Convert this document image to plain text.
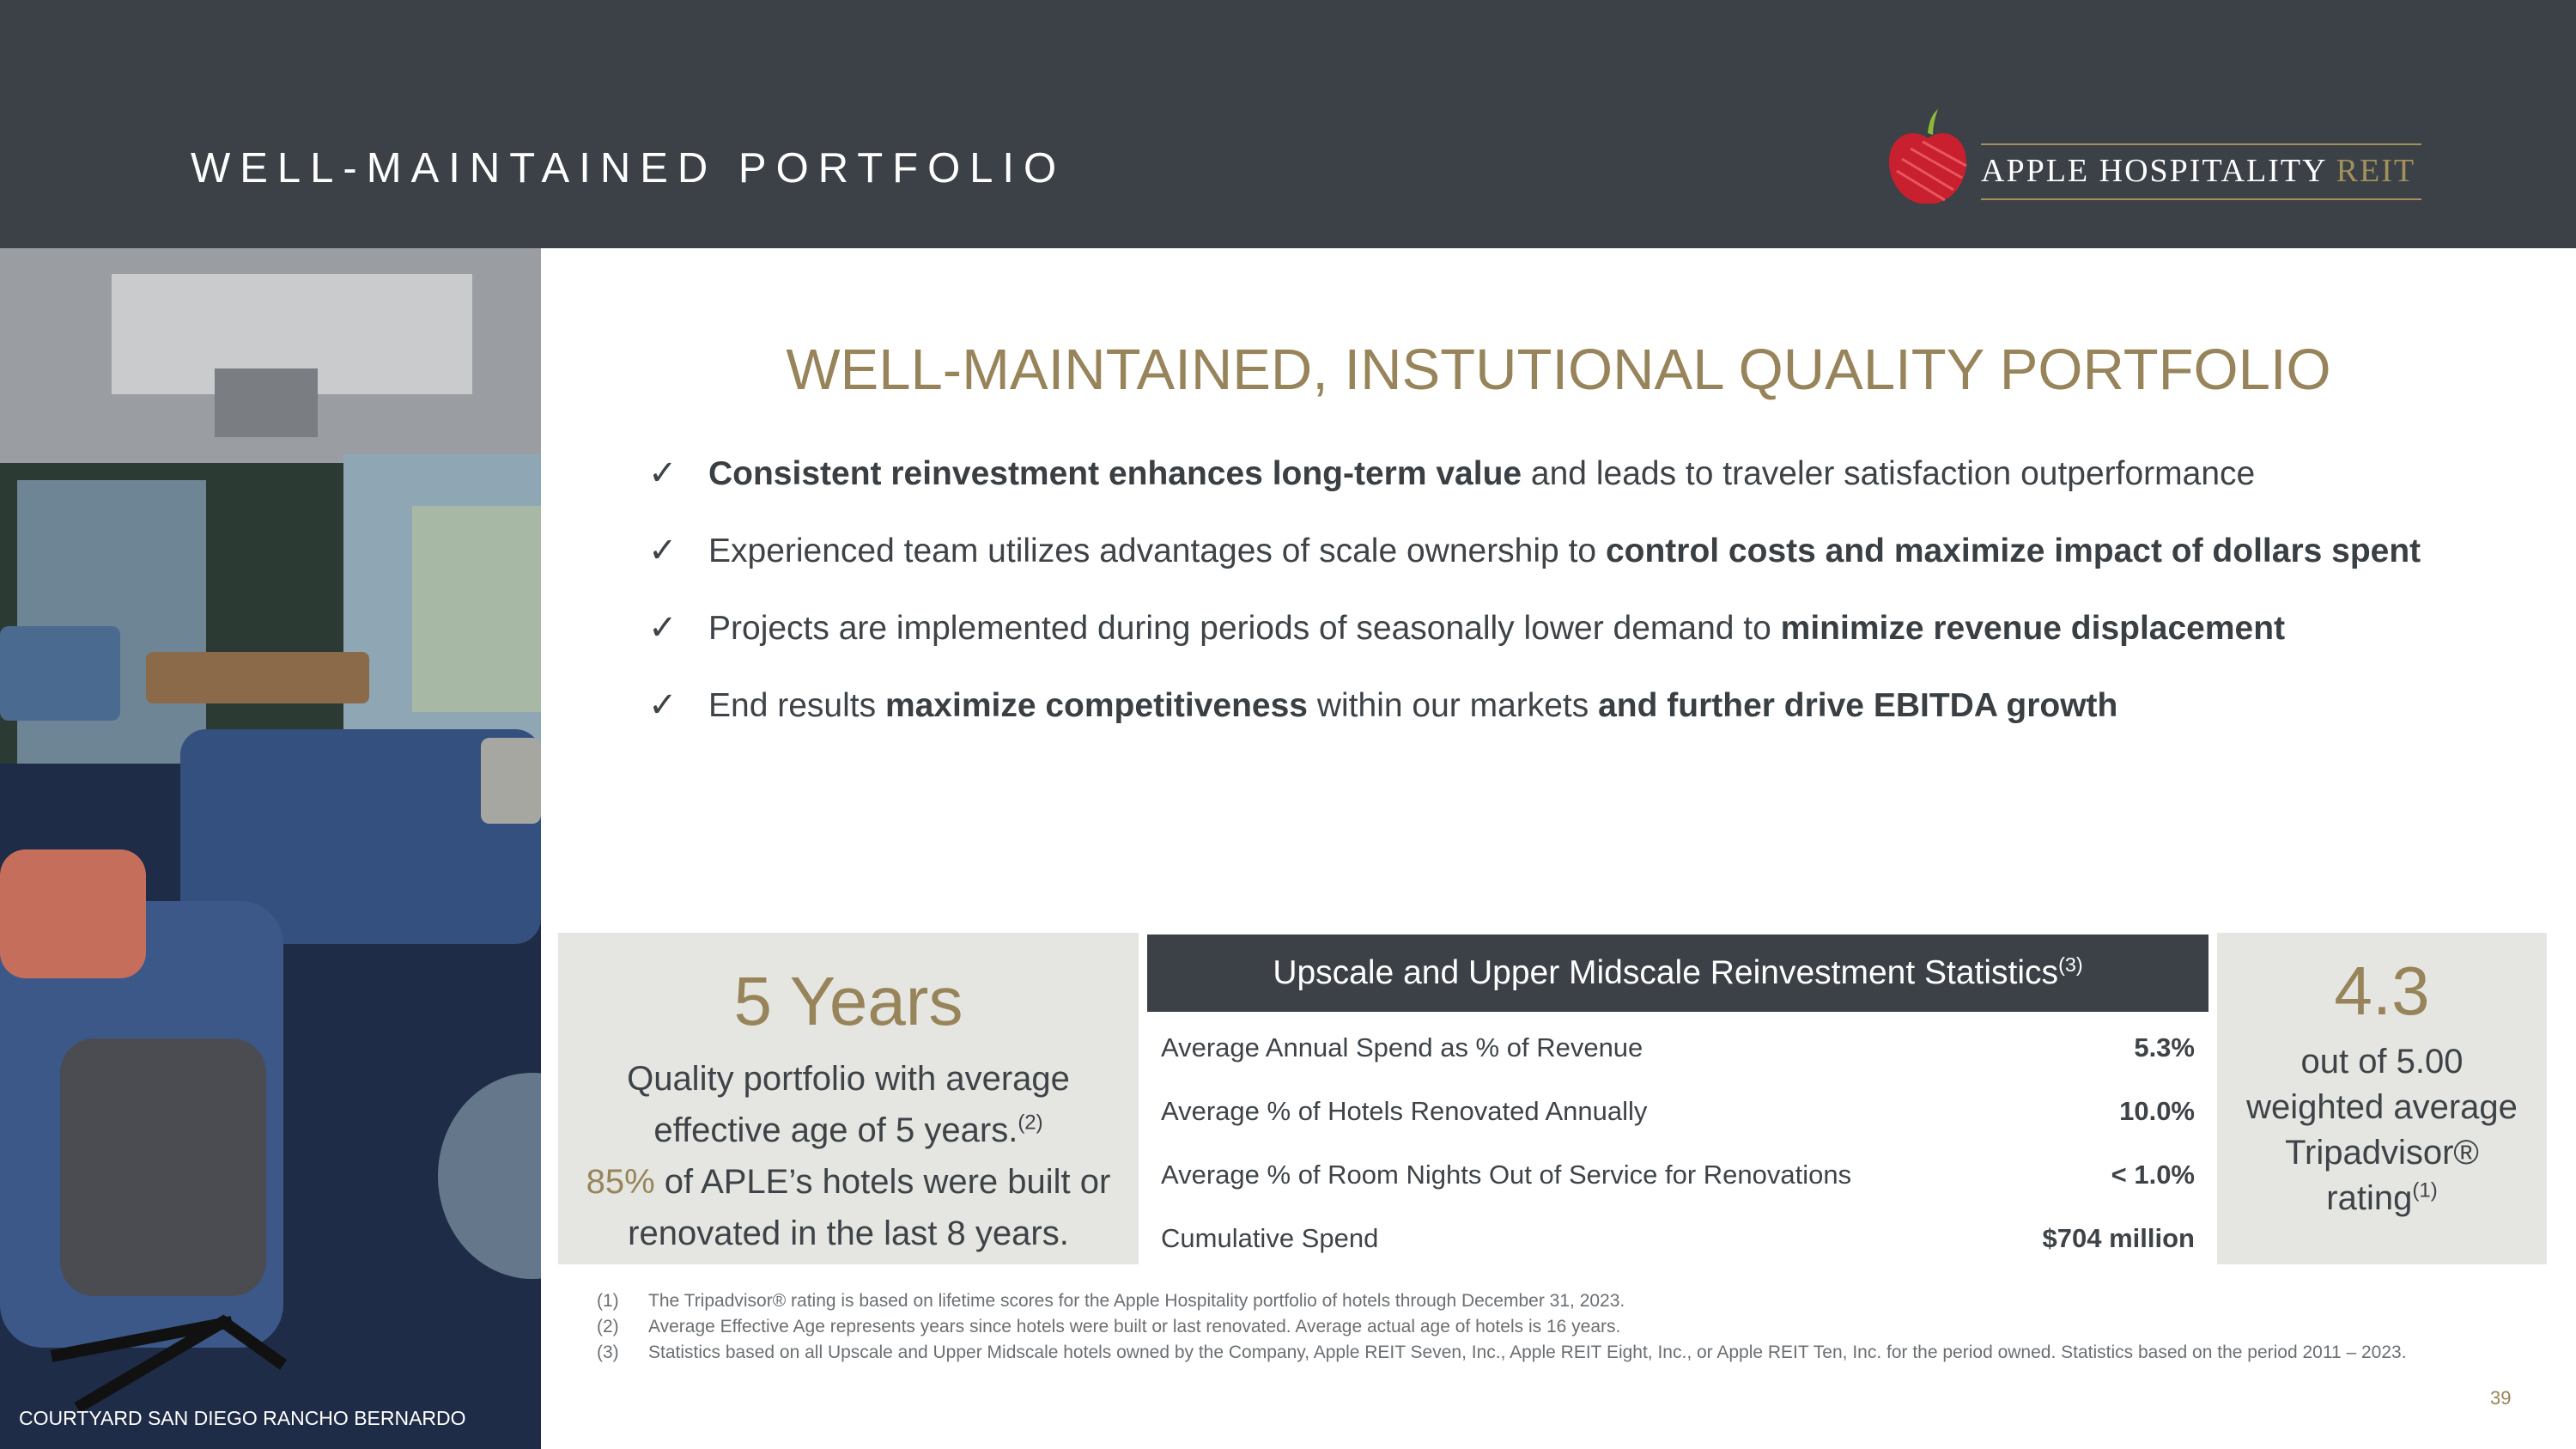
WELL-MAINTAINED PORTFOLIO	APPLE HOSPITALITY REIT
COURTYARD SAN DIEGO RANCHO BERNARDO
WELL-MAINTAINED, INSTUTIONAL QUALITY PORTFOLIO
✓ Consistent reinvestment enhances long-term value and leads to traveler satisfaction outperformance
✓ Experienced team utilizes advantages of scale ownership to control costs and maximize impact of dollars spent
✓ Projects are implemented during periods of seasonally lower demand to minimize revenue displacement
✓ End results maximize competitiveness within our markets and further drive EBITDA growth
5 Years
Quality portfolio with average
effective age of 5 years.$^{(2)}$
85% of APLE’s hotels were built or
renovated in the last 8 years.
Upscale and Upper Midscale Reinvestment Statistics$^{(3)}$
Average Annual Spend as % of Revenue	5.3%
Average % of Hotels Renovated Annually	10.0%
Average % of Room Nights Out of Service for Renovations	< 1.0%
Cumulative Spend	$704 million
4.3
out of 5.00
weighted average
Tripadvisor®
rating$^{(1)}$
(1) The Tripadvisor® rating is based on lifetime scores for the Apple Hospitality portfolio of hotels through December 31, 2023.
(2) Average Effective Age represents years since hotels were built or last renovated. Average actual age of hotels is 16 years.
(3) Statistics based on all Upscale and Upper Midscale hotels owned by the Company, Apple REIT Seven, Inc., Apple REIT Eight, Inc., or Apple REIT Ten, Inc. for the period owned. Statistics based on the period 2011 – 2023.
39
